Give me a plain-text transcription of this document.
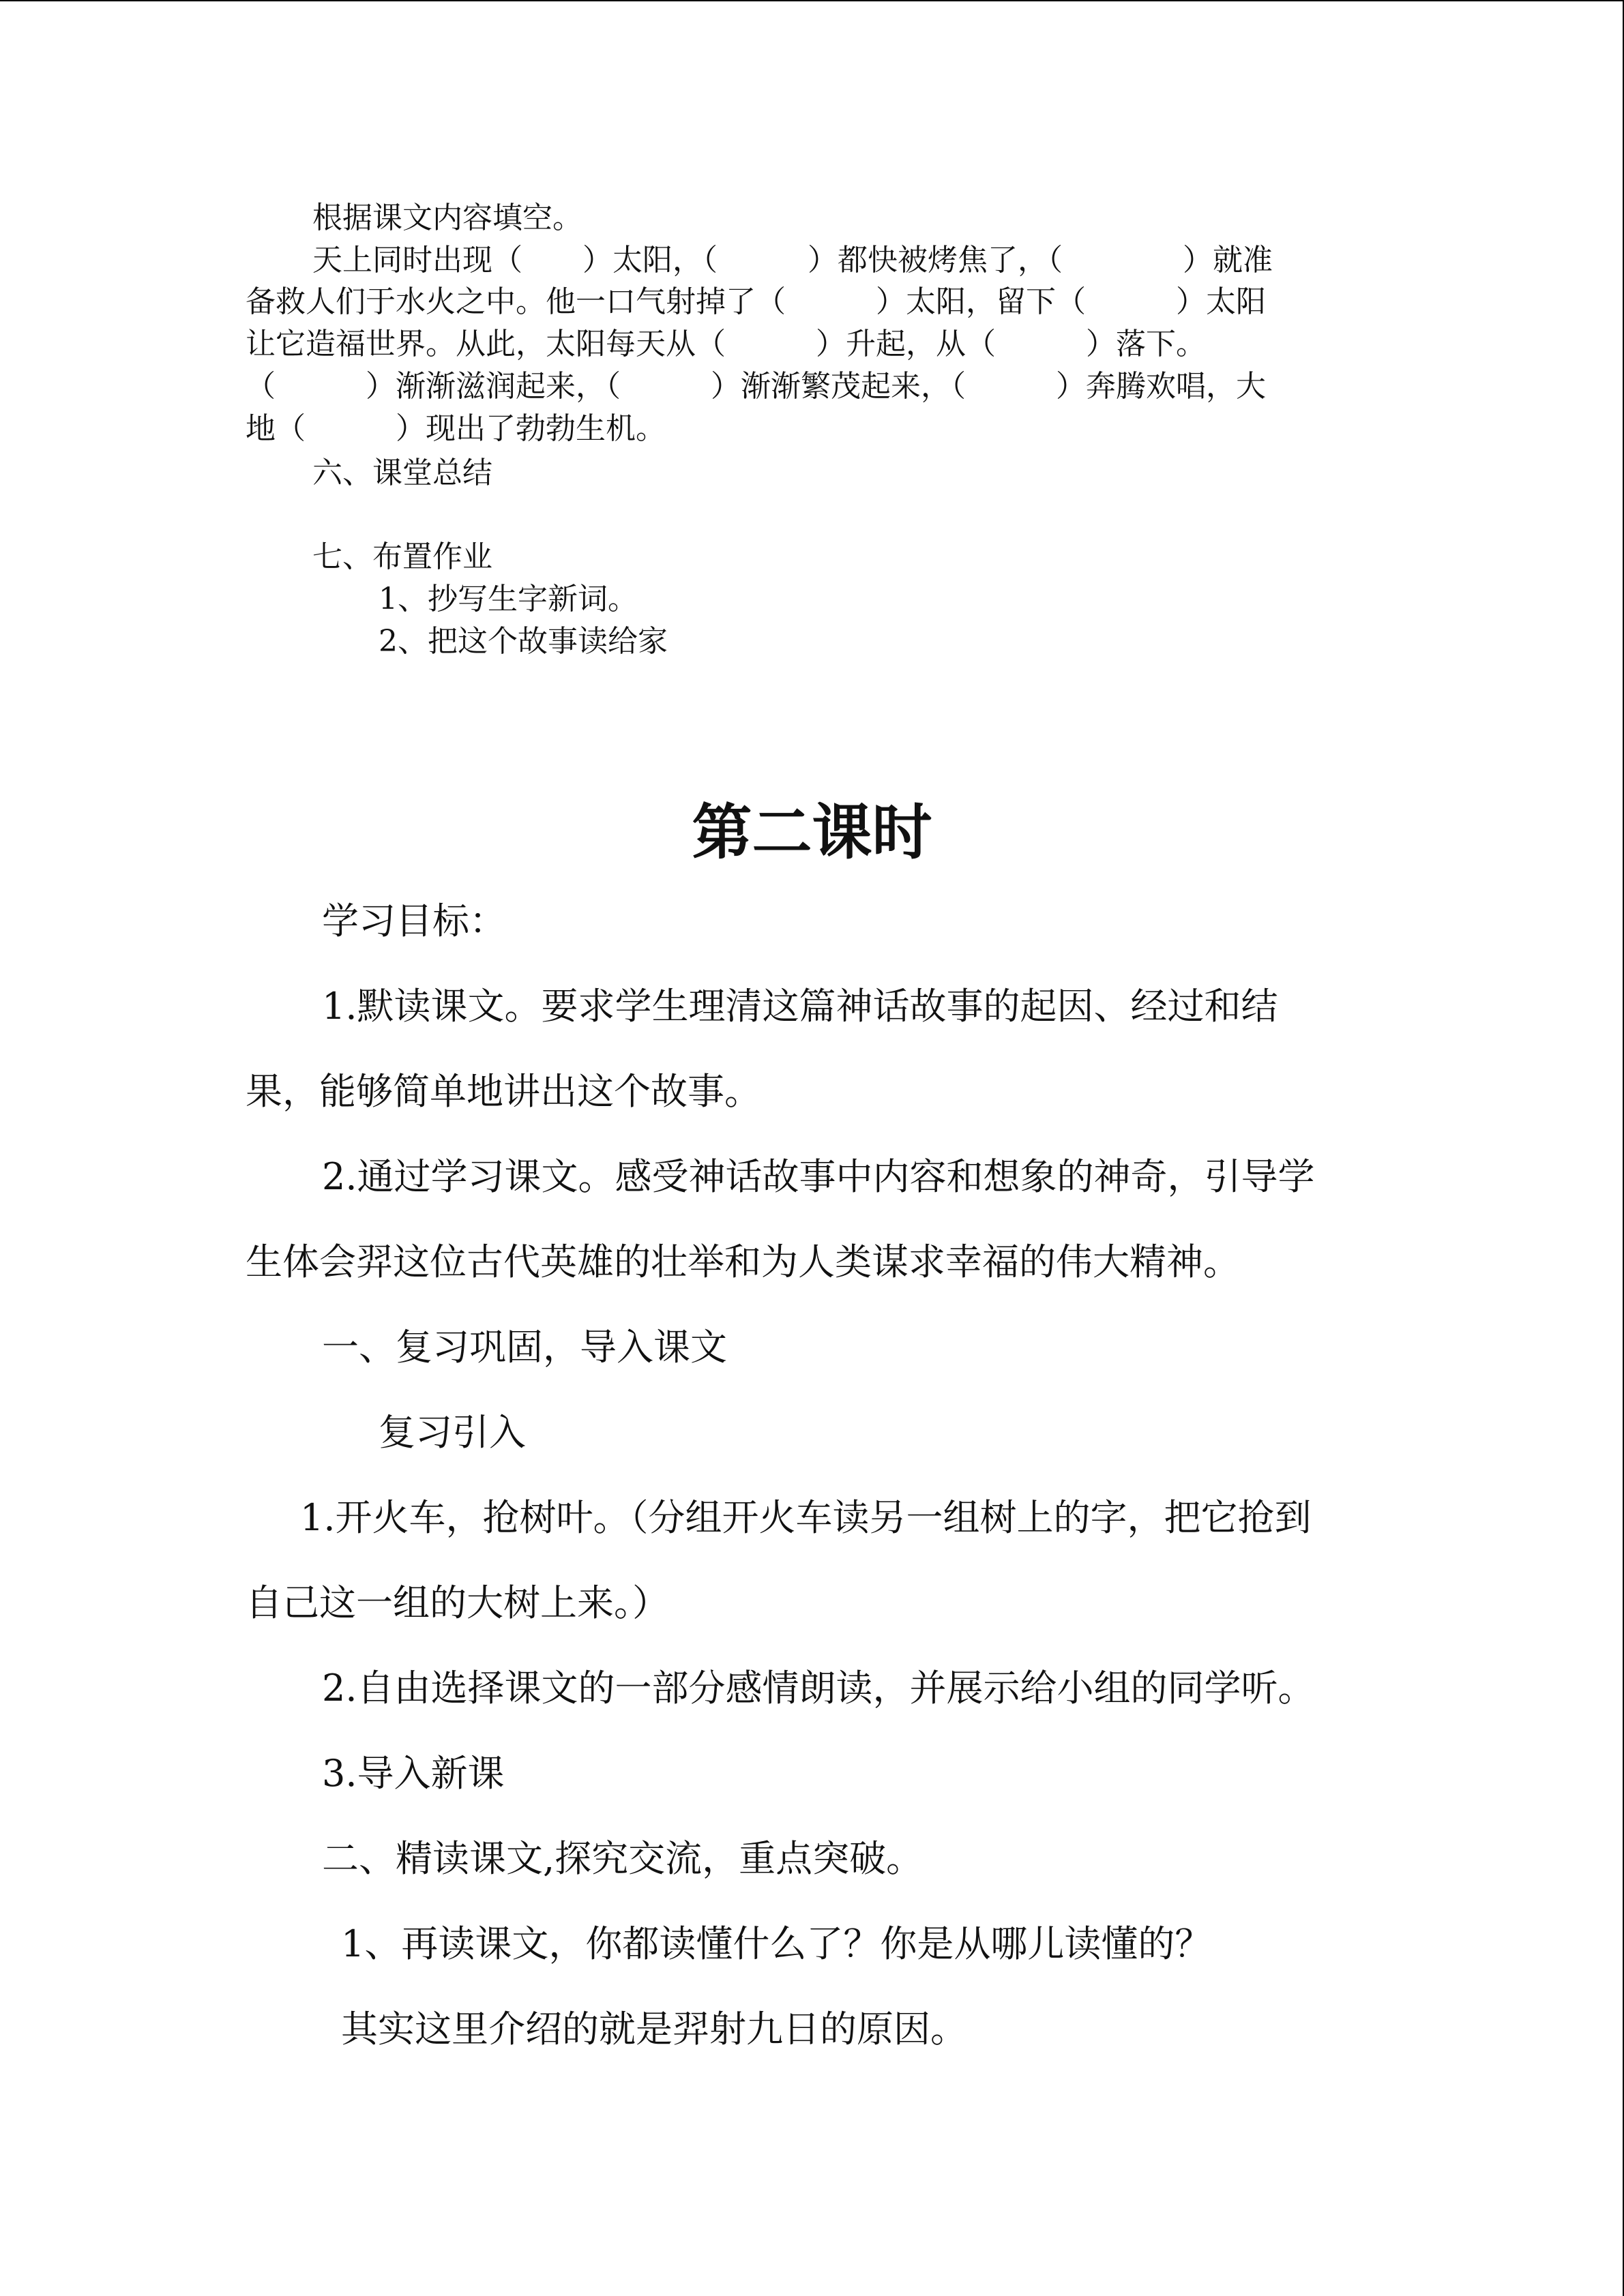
根据课文内容填空。
天上同时出现（　　）太阳，（　　　）都快被烤焦了，（　　　　）就准
备救人们于水火之中。他一口气射掉了（　　　）太阳，留下（　　　）太阳
让它造福世界。从此，太阳每天从（　　　）升起，从（　　　）落下。
（　　　）渐渐滋润起来，（　　　）渐渐繁茂起来，（　　　）奔腾欢唱，大
地（　　　）现出了勃勃生机。
六、课堂总结
七、布置作业
1、抄写生字新词。
2、把这个故事读给家
第二课时
学习目标：
1.默读课文。要求学生理清这篇神话故事的起因、经过和结
果，能够简单地讲出这个故事。
2.通过学习课文。感受神话故事中内容和想象的神奇，引导学
生体会羿这位古代英雄的壮举和为人类谋求幸福的伟大精神。
一、复习巩固，导入课文
复习引入
1.开火车，抢树叶。（分组开火车读另一组树上的字，把它抢到
自己这一组的大树上来。）
2.自由选择课文的一部分感情朗读，并展示给小组的同学听。
3.导入新课
二、精读课文,探究交流，重点突破。
1、再读课文，你都读懂什么了？你是从哪儿读懂的？
其实这里介绍的就是羿射九日的原因。
